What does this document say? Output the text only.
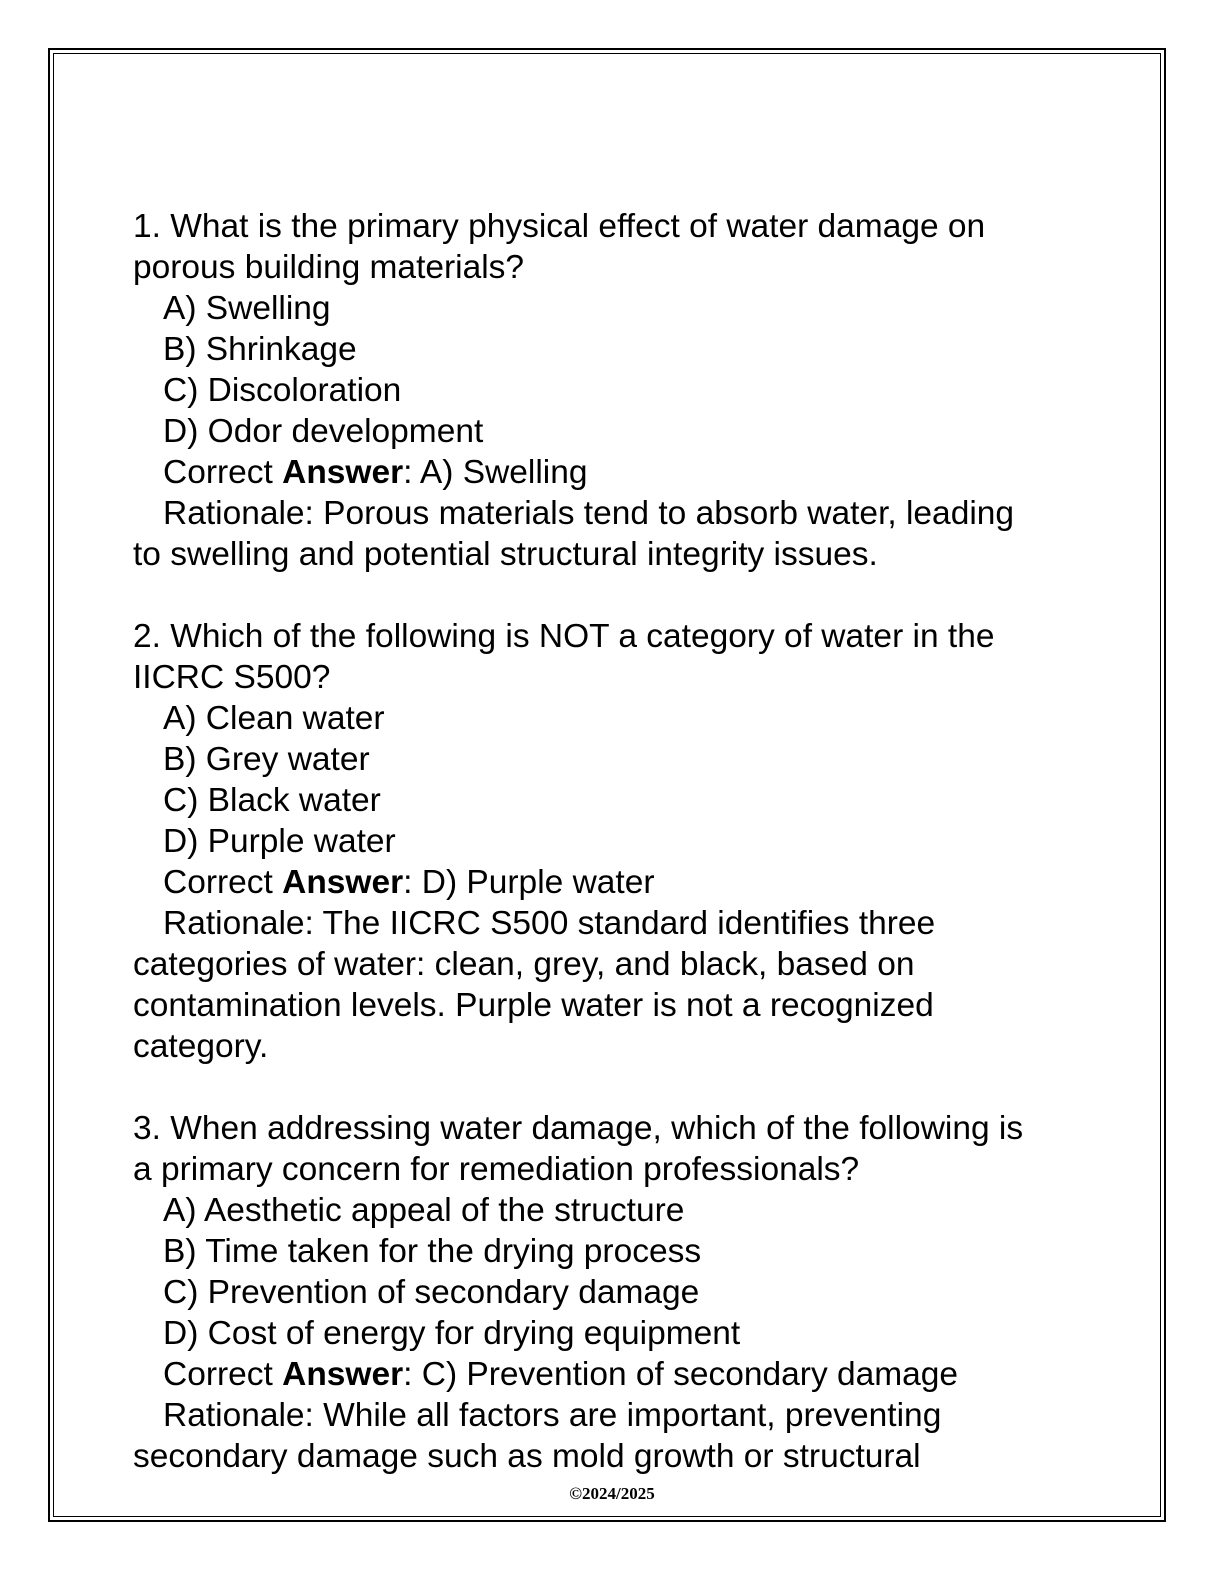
1. What is the primary physical effect of water damage on
porous building materials?
A) Swelling
B) Shrinkage
C) Discoloration
D) Odor development
Correct Answer: A) Swelling
Rationale: Porous materials tend to absorb water, leading
to swelling and potential structural integrity issues.
2. Which of the following is NOT a category of water in the
IICRC S500?
A) Clean water
B) Grey water
C) Black water
D) Purple water
Correct Answer: D) Purple water
Rationale: The IICRC S500 standard identifies three
categories of water: clean, grey, and black, based on
contamination levels. Purple water is not a recognized
category.
3. When addressing water damage, which of the following is
a primary concern for remediation professionals?
A) Aesthetic appeal of the structure
B) Time taken for the drying process
C) Prevention of secondary damage
D) Cost of energy for drying equipment
Correct Answer: C) Prevention of secondary damage
Rationale: While all factors are important, preventing
secondary damage such as mold growth or structural
©2024/2025
